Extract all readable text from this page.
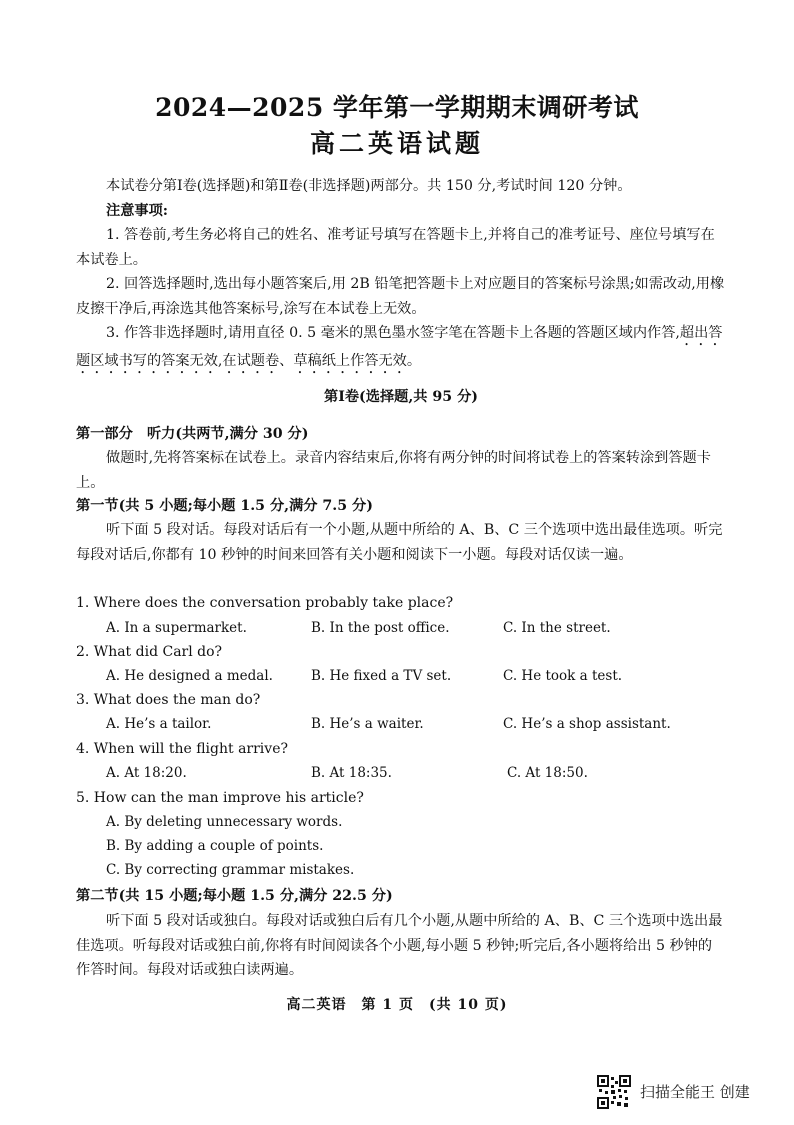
2024—2025 学年第一学期期末调研考试
高二英语试题
本试卷分第Ⅰ卷(选择题)和第Ⅱ卷(非选择题)两部分。共 150 分,考试时间 120 分钟。
注意事项:
1. 答卷前,考生务必将自己的姓名、准考证号填写在答题卡上,并将自己的准考证号、座位号填写在本试卷上。
2. 回答选择题时,选出每小题答案后,用 2B 铅笔把答题卡上对应题目的答案标号涂黑;如需改动,用橡皮擦干净后,再涂选其他答案标号,涂写在本试卷上无效。
3. 作答非选择题时,请用直径 0. 5 毫米的黑色墨水签字笔在答题卡上各题的答题区域内作答,超出答题区域书写的答案无效,在试题卷、草稿纸上作答无效。
第Ⅰ卷(选择题,共 95 分)
第一部分　听力(共两节,满分 30 分)
做题时,先将答案标在试卷上。录音内容结束后,你将有两分钟的时间将试卷上的答案转涂到答题卡上。
第一节(共 5 小题;每小题 1.5 分,满分 7.5 分)
听下面 5 段对话。每段对话后有一个小题,从题中所给的 A、B、C 三个选项中选出最佳选项。听完每段对话后,你都有 10 秒钟的时间来回答有关小题和阅读下一小题。每段对话仅读一遍。
1. Where does the conversation probably take place?
A. In a supermarket.	B. In the post office.	C. In the street.
2. What did Carl do?
A. He designed a medal.	B. He fixed a TV set.	C. He took a test.
3. What does the man do?
A. He’s a tailor.	B. He’s a waiter.	C. He’s a shop assistant.
4. When will the flight arrive?
A. At 18:20.	B. At 18:35.	C. At 18:50.
5. How can the man improve his article?
A. By deleting unnecessary words.
B. By adding a couple of points.
C. By correcting grammar mistakes.
第二节(共 15 小题;每小题 1.5 分,满分 22.5 分)
听下面 5 段对话或独白。每段对话或独白后有几个小题,从题中所给的 A、B、C 三个选项中选出最佳选项。听每段对话或独白前,你将有时间阅读各个小题,每小题 5 秒钟;听完后,各小题将给出 5 秒钟的作答时间。每段对话或独白读两遍。
高二英语　第 1 页　(共 10 页)
扫描全能王 创建
